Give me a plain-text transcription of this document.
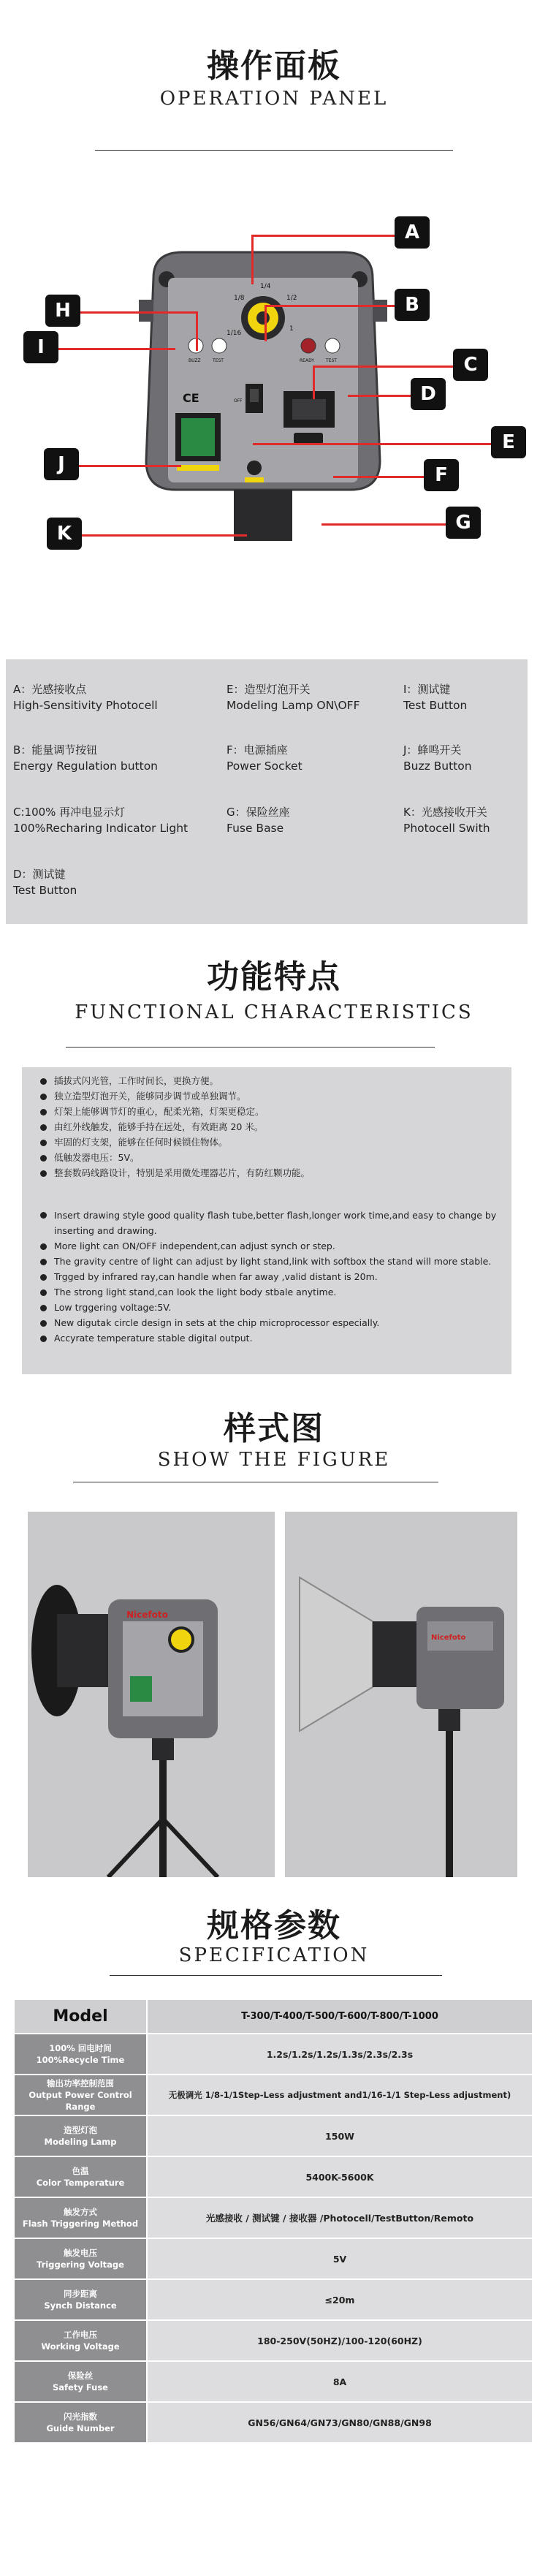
操作面板
OPERATION PANEL
1/8	1/2
1/4
1
1/16
BUZZ	TEST	READY	TEST
CE	OFF
A
B
C
D
E
F
G
H
I
J
K
A：光感接收点
High-Sensitivity Photocell
E：造型灯泡开关
Modeling Lamp ON\OFF
I：测试键
Test Button
B：能量调节按钮
Energy Regulation button
F：电源插座
Power Socket
J：蜂鸣开关
Buzz Button
C:100% 再冲电显示灯
100%Recharing Indicator Light
G：保险丝座
Fuse Base
K：光感接收开关
Photocell Swith
D：测试键
Test Button
功能特点
FUNCTIONAL CHARACTERISTICS
插拔式闪光管，工作时间长，更换方便。
独立造型灯泡开关，能够同步调节或单独调节。
灯架上能够调节灯的重心，配柔光箱，灯架更稳定。
由红外线触发，能够手持在远处，有效距离 20 米。
牢固的灯支架，能够在任何时候锁住物体。
低触发器电压：5V。
整套数码线路设计，特别是采用微处理器芯片，有防红颗功能。
Insert drawing style good quality flash tube,better flash,longer work time,and easy to change by inserting and drawing.
More light can ON/OFF independent,can adjust synch or step.
The gravity centre of light can adjust by light stand,link with softbox the stand will more stable.
Trgged by infrared ray,can handle when far away ,valid distant is 20m.
The strong light stand,can look the light body stbale anytime.
Low trggering voltage:5V.
New digutak circle design in sets at the chip microprocessor especially.
Accyrate temperature stable digital output.
样式图
SHOW THE FIGURE
Nicefoto
Nicefoto
规格参数
SPECIFICATION
Model	T-300/T-400/T-500/T-600/T-800/T-1000

100% 回电时间
100%Recycle Time	1.2s/1.2s/1.2s/1.3s/2.3s/2.3s

输出功率控制范围
Output Power Control Range	无极调光 1/8-1/1Step-Less adjustment and1/16-1/1 Step-Less adjustment)

造型灯泡
Modeling Lamp	150W

色温
Color Temperature	5400K-5600K

触发方式
Flash Triggering Method	光感接收 / 测试键 / 接收器 /Photocell/TestButton/Remoto

触发电压
Triggering Voltage	5V

同步距离
Synch Distance	≤20m

工作电压
Working Voltage	180-250V(50HZ)/100-120(60HZ)

保险丝
Safety Fuse	8A

闪光指数
Guide Number	GN56/GN64/GN73/GN80/GN88/GN98
